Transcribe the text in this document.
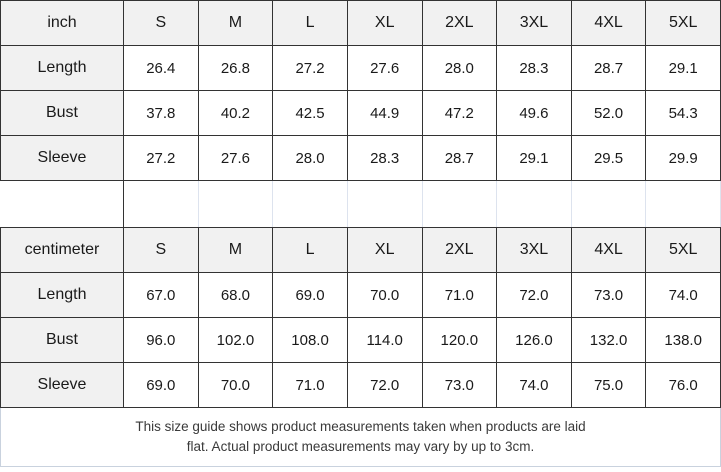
inch	S	M	L	XL	2XL	3XL	4XL	5XL
Length	26.4	26.8	27.2	27.6	28.0	28.3	28.7	29.1
Bust	37.8	40.2	42.5	44.9	47.2	49.6	52.0	54.3
Sleeve	27.2	27.6	28.0	28.3	28.7	29.1	29.5	29.9

centimeter	S	M	L	XL	2XL	3XL	4XL	5XL
Length	67.0	68.0	69.0	70.0	71.0	72.0	73.0	74.0
Bust	96.0	102.0	108.0	114.0	120.0	126.0	132.0	138.0
Sleeve	69.0	70.0	71.0	72.0	73.0	74.0	75.0	76.0

This size guide shows product measurements taken when products are laid flat. Actual product measurements may vary by up to 3cm.
